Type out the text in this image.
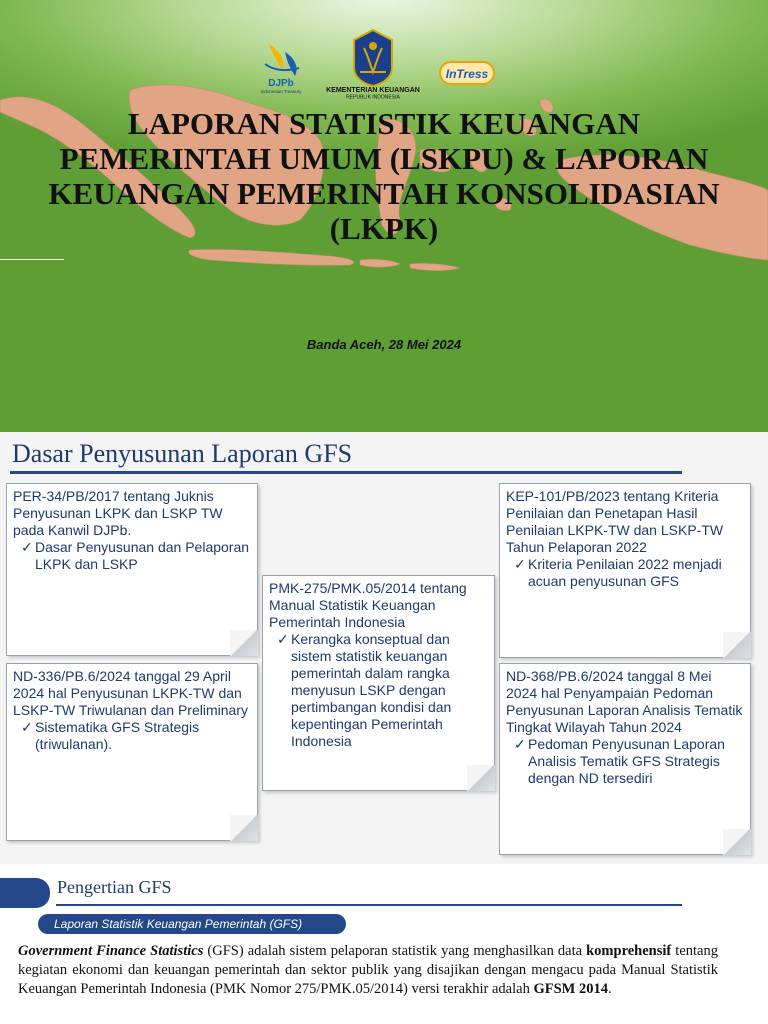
DJPb
Indonesian Treasury	KEMENTERIAN KEUANGAN
REPUBLIK INDONESIA
InTress
LAPORAN STATISTIK KEUANGAN PEMERINTAH UMUM (LSKPU) & LAPORAN KEUANGAN PEMERINTAH KONSOLIDASIAN (LKPK)
Banda Aceh, 28 Mei 2024
Dasar Penyusunan Laporan GFS

PER-34/PB/2017 tentang Juknis Penyusunan LKPK dan LSKP TW pada Kanwil DJPb.

✓ Dasar Penyusunan dan Pelaporan LKPK dan LSKP

PMK-275/PMK.05/2014 tentang Manual Statistik Keuangan Pemerintah Indonesia

✓ Kerangka konseptual dan sistem statistik keuangan pemerintah dalam rangka menyusun LSKP dengan pertimbangan kondisi dan kepentingan Pemerintah Indonesia

KEP-101/PB/2023 tentang Kriteria Penilaian dan Penetapan Hasil Penilaian LKPK-TW dan LSKP-TW Tahun Pelaporan 2022

✓ Kriteria Penilaian 2022 menjadi acuan penyusunan GFS

ND-336/PB.6/2024 tanggal 29 April 2024 hal Penyusunan LKPK-TW dan LSKP-TW Triwulanan dan Preliminary

✓ Sistematika GFS Strategis (triwulanan).

ND-368/PB.6/2024 tanggal 8 Mei 2024 hal Penyampaian Pedoman Penyusunan Laporan Analisis Tematik Tingkat Wilayah Tahun 2024

✓ Pedoman Penyusunan Laporan Analisis Tematik GFS Strategis dengan ND tersediri
Pengertian GFS
Laporan Statistik Keuangan Pemerintah (GFS)

Government Finance Statistics (GFS) adalah sistem pelaporan statistik yang menghasilkan data komprehensif tentang kegiatan ekonomi dan keuangan pemerintah dan sektor publik yang disajikan dengan mengacu pada Manual Statistik Keuangan Pemerintah Indonesia (PMK Nomor 275/PMK.05/2014) versi terakhir adalah GFSM 2014.
